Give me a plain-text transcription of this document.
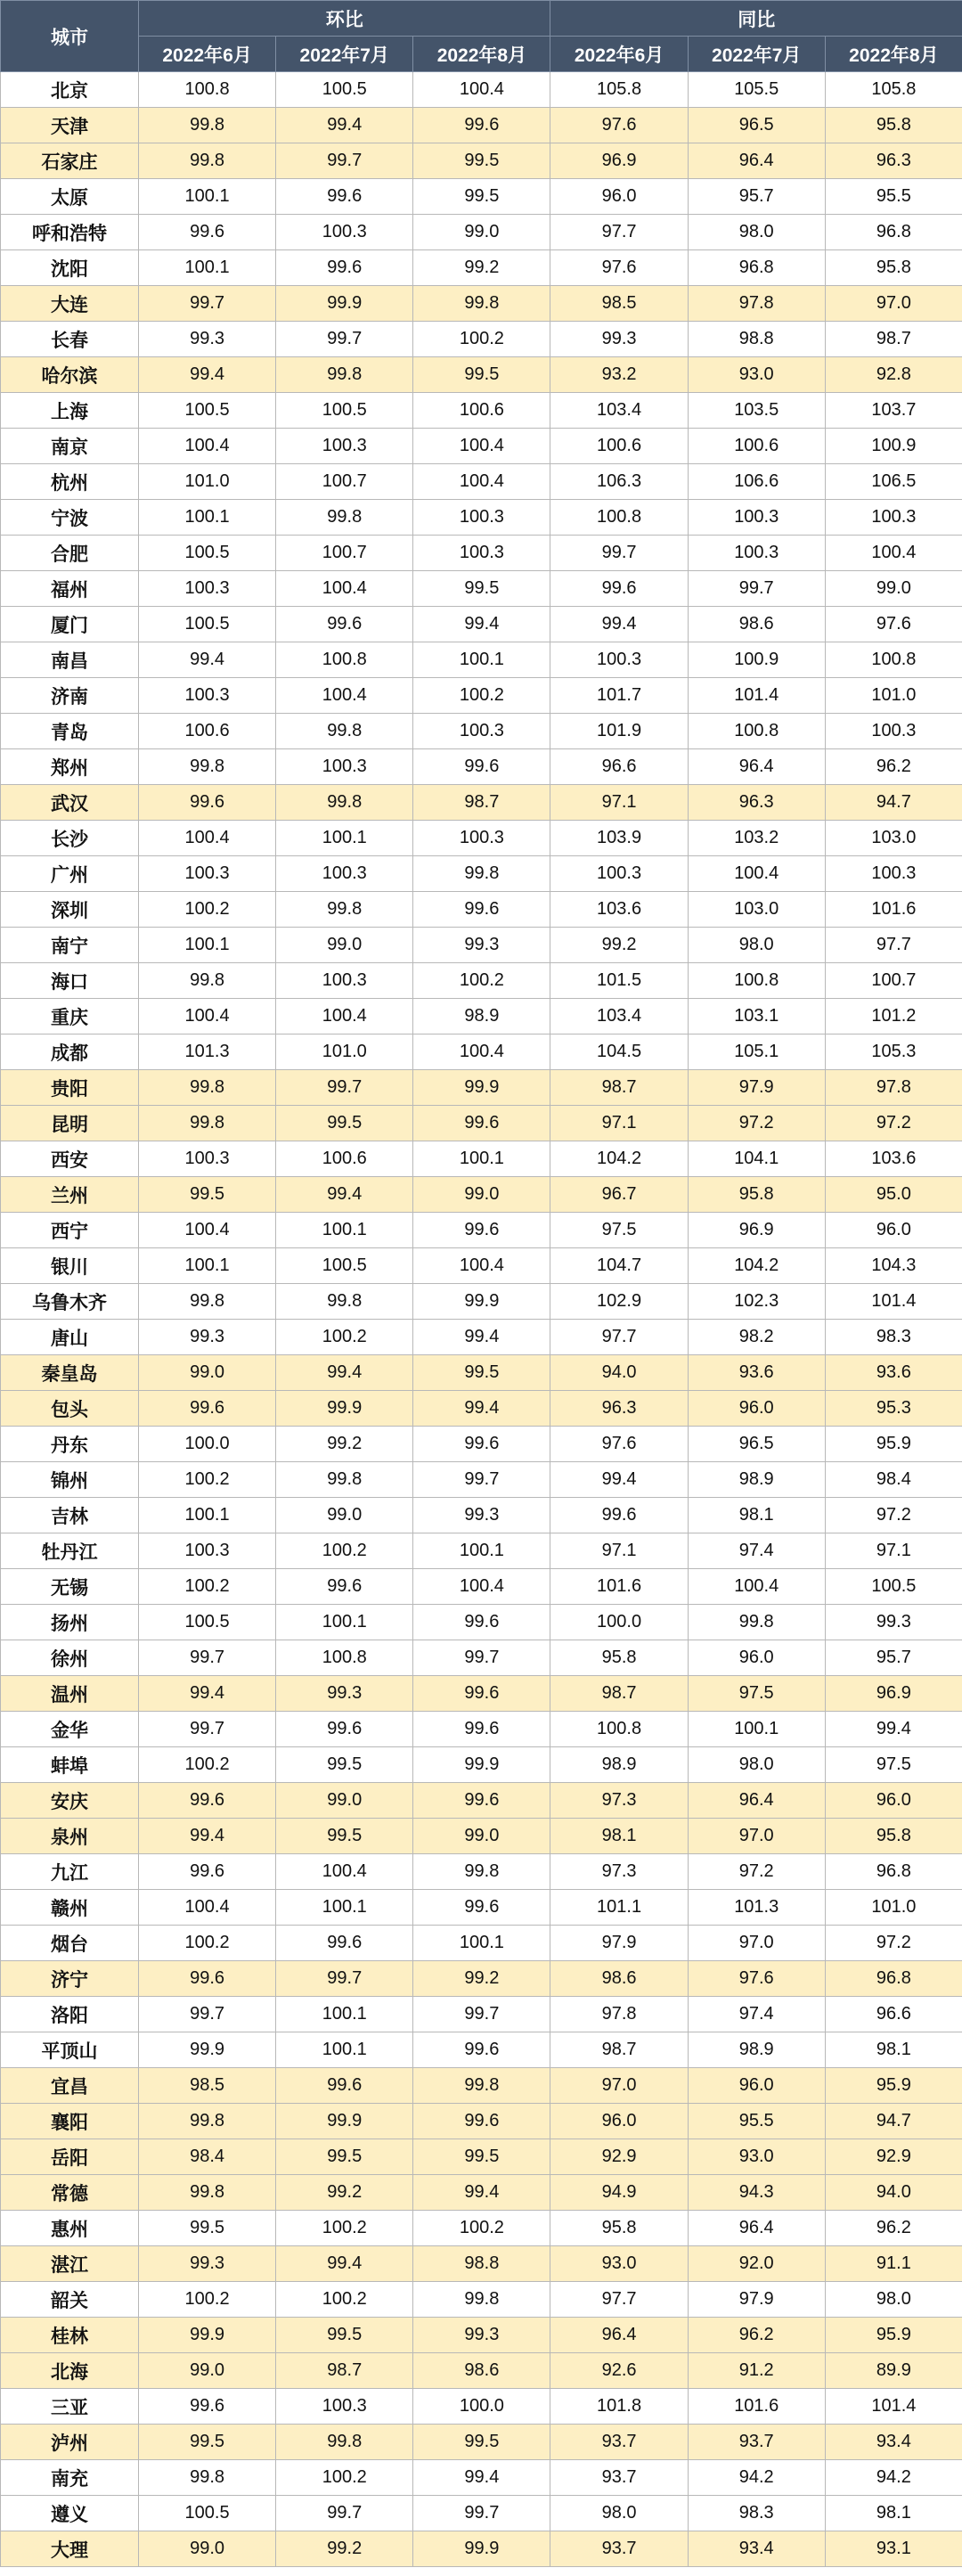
城市	环比			同比		
	2022年6月	2022年7月	2022年8月	2022年6月	2022年7月	2022年8月
北京	100.8	100.5	100.4	105.8	105.5	105.8
天津	99.8	99.4	99.6	97.6	96.5	95.8
石家庄	99.8	99.7	99.5	96.9	96.4	96.3
太原	100.1	99.6	99.5	96.0	95.7	95.5
呼和浩特	99.6	100.3	99.0	97.7	98.0	96.8
沈阳	100.1	99.6	99.2	97.6	96.8	95.8
大连	99.7	99.9	99.8	98.5	97.8	97.0
长春	99.3	99.7	100.2	99.3	98.8	98.7
哈尔滨	99.4	99.8	99.5	93.2	93.0	92.8
上海	100.5	100.5	100.6	103.4	103.5	103.7
南京	100.4	100.3	100.4	100.6	100.6	100.9
杭州	101.0	100.7	100.4	106.3	106.6	106.5
宁波	100.1	99.8	100.3	100.8	100.3	100.3
合肥	100.5	100.7	100.3	99.7	100.3	100.4
福州	100.3	100.4	99.5	99.6	99.7	99.0
厦门	100.5	99.6	99.4	99.4	98.6	97.6
南昌	99.4	100.8	100.1	100.3	100.9	100.8
济南	100.3	100.4	100.2	101.7	101.4	101.0
青岛	100.6	99.8	100.3	101.9	100.8	100.3
郑州	99.8	100.3	99.6	96.6	96.4	96.2
武汉	99.6	99.8	98.7	97.1	96.3	94.7
长沙	100.4	100.1	100.3	103.9	103.2	103.0
广州	100.3	100.3	99.8	100.3	100.4	100.3
深圳	100.2	99.8	99.6	103.6	103.0	101.6
南宁	100.1	99.0	99.3	99.2	98.0	97.7
海口	99.8	100.3	100.2	101.5	100.8	100.7
重庆	100.4	100.4	98.9	103.4	103.1	101.2
成都	101.3	101.0	100.4	104.5	105.1	105.3
贵阳	99.8	99.7	99.9	98.7	97.9	97.8
昆明	99.8	99.5	99.6	97.1	97.2	97.2
西安	100.3	100.6	100.1	104.2	104.1	103.6
兰州	99.5	99.4	99.0	96.7	95.8	95.0
西宁	100.4	100.1	99.6	97.5	96.9	96.0
银川	100.1	100.5	100.4	104.7	104.2	104.3
乌鲁木齐	99.8	99.8	99.9	102.9	102.3	101.4
唐山	99.3	100.2	99.4	97.7	98.2	98.3
秦皇岛	99.0	99.4	99.5	94.0	93.6	93.6
包头	99.6	99.9	99.4	96.3	96.0	95.3
丹东	100.0	99.2	99.6	97.6	96.5	95.9
锦州	100.2	99.8	99.7	99.4	98.9	98.4
吉林	100.1	99.0	99.3	99.6	98.1	97.2
牡丹江	100.3	100.2	100.1	97.1	97.4	97.1
无锡	100.2	99.6	100.4	101.6	100.4	100.5
扬州	100.5	100.1	99.6	100.0	99.8	99.3
徐州	99.7	100.8	99.7	95.8	96.0	95.7
温州	99.4	99.3	99.6	98.7	97.5	96.9
金华	99.7	99.6	99.6	100.8	100.1	99.4
蚌埠	100.2	99.5	99.9	98.9	98.0	97.5
安庆	99.6	99.0	99.6	97.3	96.4	96.0
泉州	99.4	99.5	99.0	98.1	97.0	95.8
九江	99.6	100.4	99.8	97.3	97.2	96.8
赣州	100.4	100.1	99.6	101.1	101.3	101.0
烟台	100.2	99.6	100.1	97.9	97.0	97.2
济宁	99.6	99.7	99.2	98.6	97.6	96.8
洛阳	99.7	100.1	99.7	97.8	97.4	96.6
平顶山	99.9	100.1	99.6	98.7	98.9	98.1
宜昌	98.5	99.6	99.8	97.0	96.0	95.9
襄阳	99.8	99.9	99.6	96.0	95.5	94.7
岳阳	98.4	99.5	99.5	92.9	93.0	92.9
常德	99.8	99.2	99.4	94.9	94.3	94.0
惠州	99.5	100.2	100.2	95.8	96.4	96.2
湛江	99.3	99.4	98.8	93.0	92.0	91.1
韶关	100.2	100.2	99.8	97.7	97.9	98.0
桂林	99.9	99.5	99.3	96.4	96.2	95.9
北海	99.0	98.7	98.6	92.6	91.2	89.9
三亚	99.6	100.3	100.0	101.8	101.6	101.4
泸州	99.5	99.8	99.5	93.7	93.7	93.4
南充	99.8	100.2	99.4	93.7	94.2	94.2
遵义	100.5	99.7	99.7	98.0	98.3	98.1
大理	99.0	99.2	99.9	93.7	93.4	93.1
